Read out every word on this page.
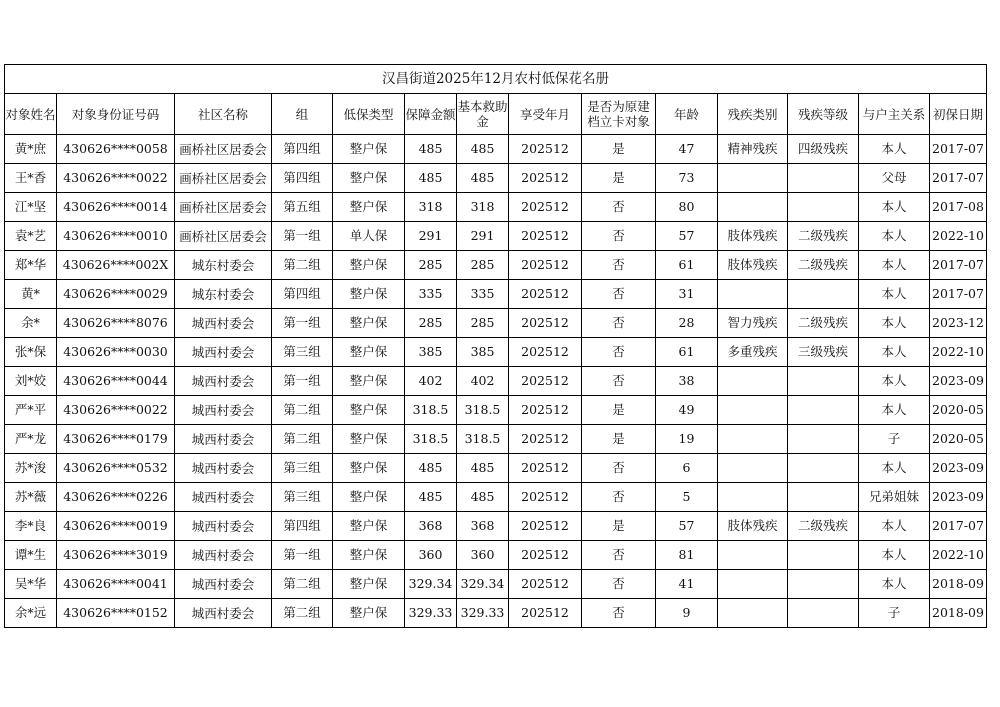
汉昌街道2025年12月农村低保花名册													

对象姓名	对象身份证号码	社区名称	组	低保类型	保障金额	基本救助金	享受年月	是否为原建档立卡对象	年龄	残疾类别	残疾等级	与户主关系	初保日期

黄*庶	430626****0058	画桥社区居委会	第四组	整户保	485	485	202512	是	47	精神残疾	四级残疾	本人	2017-07
王*香	430626****0022	画桥社区居委会	第四组	整户保	485	485	202512	是	73			父母	2017-07
江*坚	430626****0014	画桥社区居委会	第五组	整户保	318	318	202512	否	80			本人	2017-08
袁*艺	430626****0010	画桥社区居委会	第一组	单人保	291	291	202512	否	57	肢体残疾	二级残疾	本人	2022-10
郑*华	430626****002X	城东村委会	第二组	整户保	285	285	202512	否	61	肢体残疾	二级残疾	本人	2017-07
黄*	430626****0029	城东村委会	第四组	整户保	335	335	202512	否	31			本人	2017-07
余*	430626****8076	城西村委会	第一组	整户保	285	285	202512	否	28	智力残疾	二级残疾	本人	2023-12
张*保	430626****0030	城西村委会	第三组	整户保	385	385	202512	否	61	多重残疾	三级残疾	本人	2022-10
刘*姣	430626****0044	城西村委会	第一组	整户保	402	402	202512	否	38			本人	2023-09
严*平	430626****0022	城西村委会	第二组	整户保	318.5	318.5	202512	是	49			本人	2020-05
严*龙	430626****0179	城西村委会	第二组	整户保	318.5	318.5	202512	是	19			子	2020-05
苏*浚	430626****0532	城西村委会	第三组	整户保	485	485	202512	否	6			本人	2023-09
苏*薇	430626****0226	城西村委会	第三组	整户保	485	485	202512	否	5			兄弟姐妹	2023-09
李*良	430626****0019	城西村委会	第四组	整户保	368	368	202512	是	57	肢体残疾	二级残疾	本人	2017-07
谭*生	430626****3019	城西村委会	第一组	整户保	360	360	202512	否	81			本人	2022-10
吴*华	430626****0041	城西村委会	第二组	整户保	329.34	329.34	202512	否	41			本人	2018-09
余*远	430626****0152	城西村委会	第二组	整户保	329.33	329.33	202512	否	9			子	2018-09
